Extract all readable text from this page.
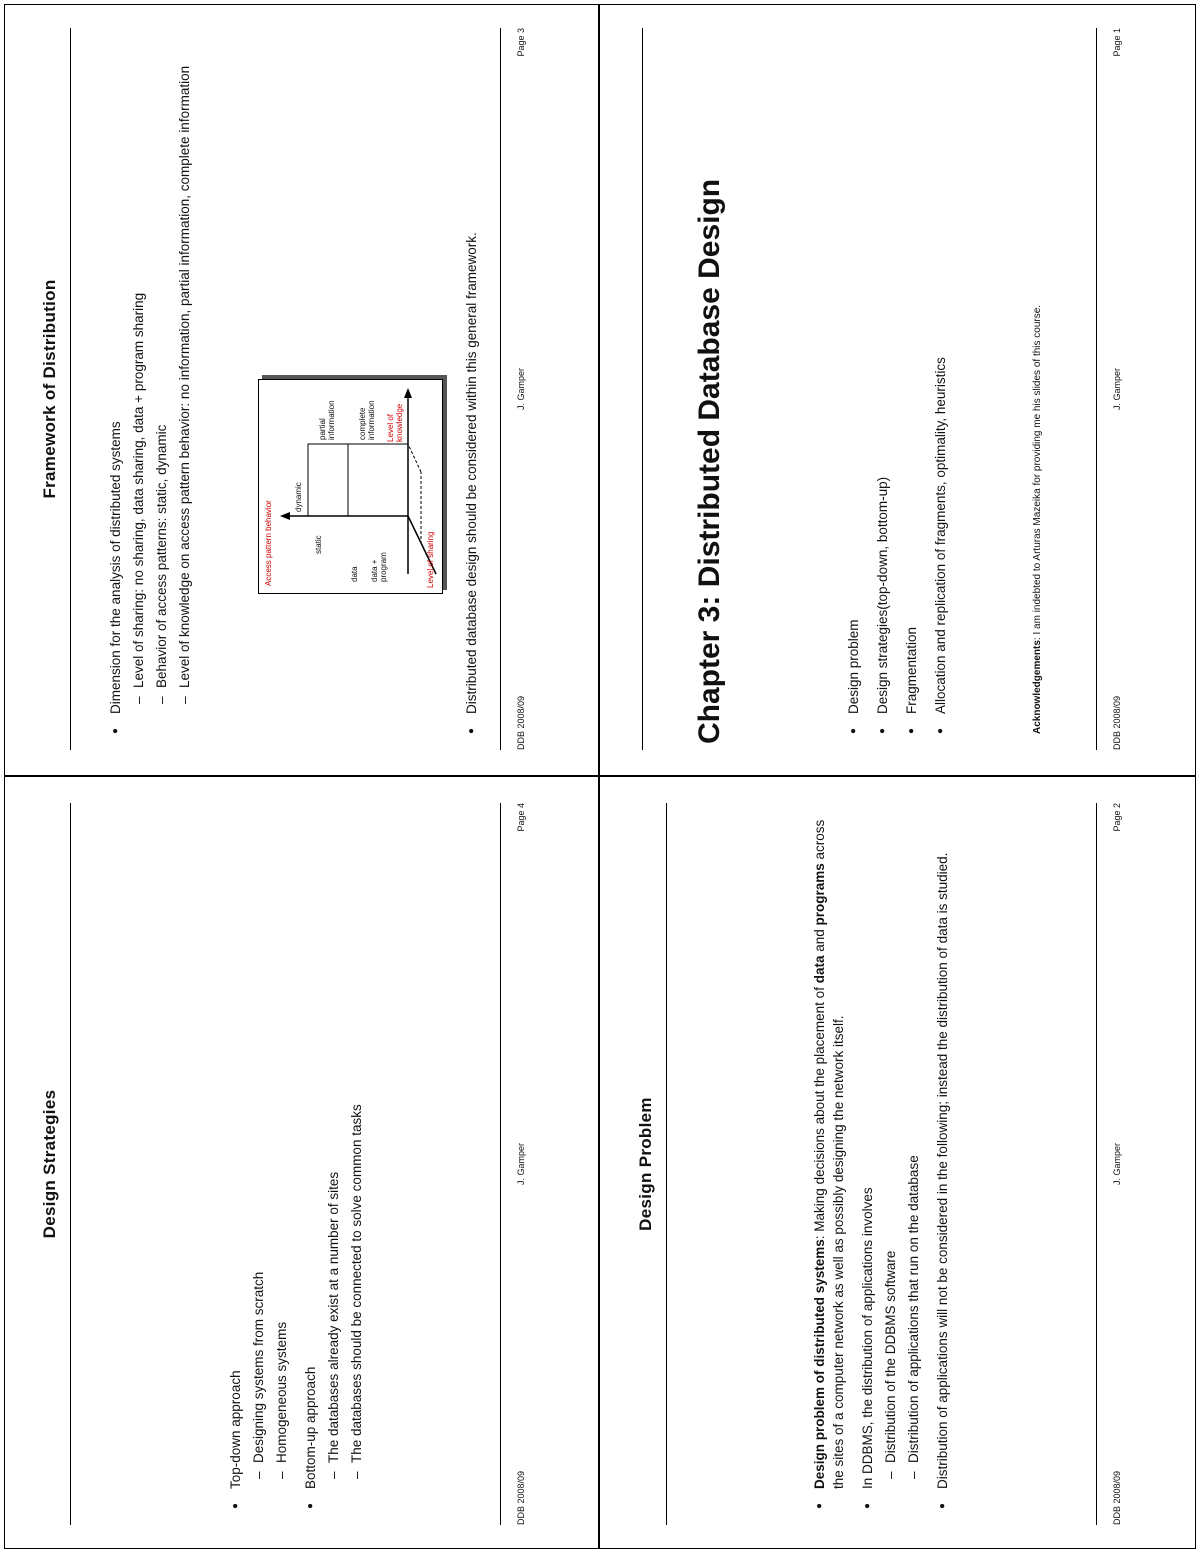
Chapter 3: Distributed Database Design	● Design problem ● Design strategies(top-down, bottom-up) ● Fragmentation ● Allocation and replication of fragments, optimality, heuristics	Acknowledgements: I am indebted to Arturas Mazeika for providing me his slides of this course.
DDB 2008/09
J. Gamper
Page 1
Design Problem

● Design problem of distributed systems: Making decisions about the placement of data and programs across the sites of a computer network as well as possibly designing the network itself. ● In DDBMS, the distribution of applications involves – Distribution of the DDBMS software – Distribution of applications that run on the database ● Distribution of applications will not be considered in the following; instead the distribution of data is studied.

DDB 2008/09
J. Gamper
Page 2
Framework of Distribution

● Dimension for the analysis of distributed systems – Level of sharing: no sharing, data sharing, data + program sharing – Behavior of access patterns: static, dynamic – Level of knowledge on access pattern behavior: no information, partial information, complete information	Access pattern behavior
dynamic
static
data data + program	Level of sharing
Level of knowledge
partial information	complete information	● Distributed database design should be considered within this general framework.

DDB 2008/09
J. Gamper
Page 3
Design Strategies

● Top-down approach – Designing systems from scratch – Homogeneous systems ● Bottom-up approach – The databases already exist at a number of sites – The databases should be connected to solve common tasks

DDB 2008/09
J. Gamper
Page 4
